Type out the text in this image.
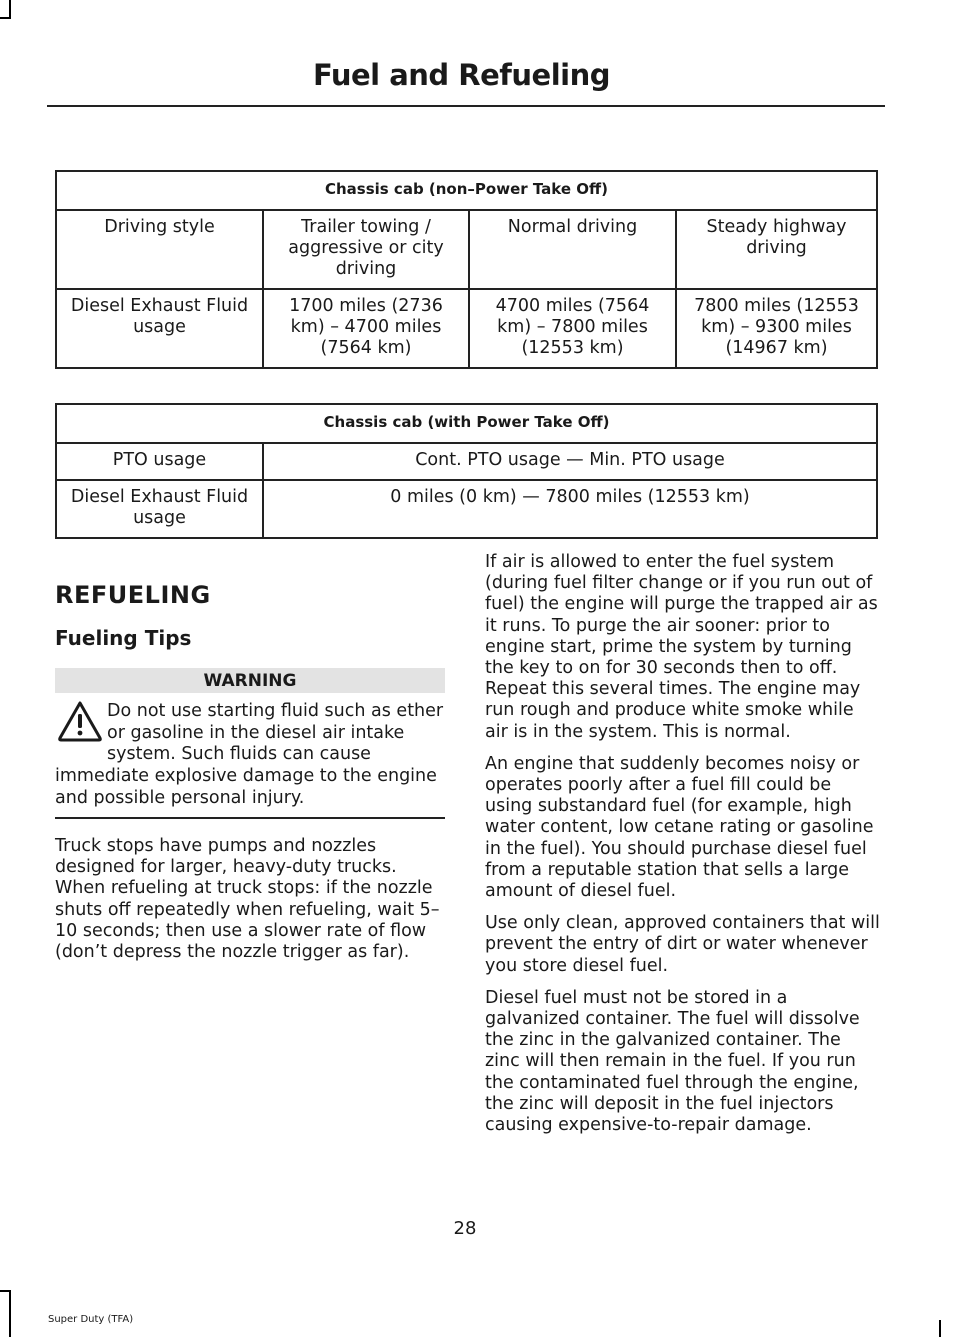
Fuel and Refueling
Chassis cab (non–Power Take Off)			
Driving style	Trailer towing / aggressive or city driving	Normal driving	Steady highway driving
Diesel Exhaust Fluid usage	1700 miles (2736 km) – 4700 miles (7564 km)	4700 miles (7564 km) – 7800 miles (12553 km)	7800 miles (12553 km) – 9300 miles (14967 km)
Chassis cab (with Power Take Off)	
PTO usage	Cont. PTO usage — Min. PTO usage
Diesel Exhaust Fluid usage	0 miles (0 km) — 7800 miles (12553 km)
REFUELING
Fueling Tips
WARNING
Do not use starting fluid such as ether or gasoline in the diesel air intake system. Such fluids can cause
immediate explosive damage to the engine and possible personal injury.

Truck stops have pumps and nozzles designed for larger, heavy-duty trucks. When refueling at truck stops: if the nozzle shuts off repeatedly when refueling, wait 5–10 seconds; then use a slower rate of flow (don’t depress the nozzle trigger as far).

If air is allowed to enter the fuel system (during fuel filter change or if you run out of fuel) the engine will purge the trapped air as it runs. To purge the air sooner: prior to engine start, prime the system by turning the key to on for 30 seconds then to off. Repeat this several times. The engine may run rough and produce white smoke while air is in the system. This is normal.

An engine that suddenly becomes noisy or operates poorly after a fuel fill could be using substandard fuel (for example, high water content, low cetane rating or gasoline in the fuel). You should purchase diesel fuel from a reputable station that sells a large amount of diesel fuel.

Use only clean, approved containers that will prevent the entry of dirt or water whenever you store diesel fuel.

Diesel fuel must not be stored in a galvanized container. The fuel will dissolve the zinc in the galvanized container. The zinc will then remain in the fuel. If you run the contaminated fuel through the engine, the zinc will deposit in the fuel injectors causing expensive-to-repair damage.

28
Super Duty (TFA)
